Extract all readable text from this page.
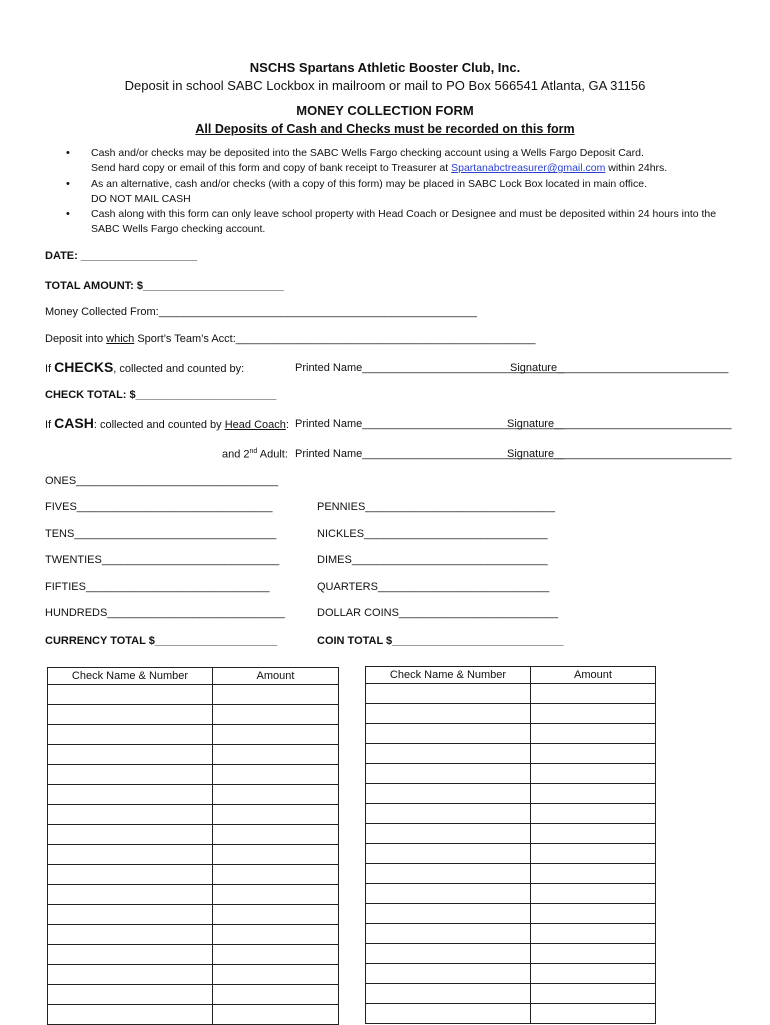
NSCHS Spartans Athletic Booster Club, Inc.
Deposit in school SABC Lockbox in mailroom or mail to PO Box 566541 Atlanta, GA 31156
MONEY COLLECTION FORM
All Deposits of Cash and Checks must be recorded on this form
• Cash and/or checks may be deposited into the SABC Wells Fargo checking account using a Wells Fargo Deposit Card.
Send hard copy or email of this form and copy of bank receipt to Treasurer at Spartanabctreasurer@gmail.com within 24hrs.
• As an alternative, cash and/or checks (with a copy of this form) may be placed in SABC Lock Box located in main office.
DO NOT MAIL CASH
• Cash along with this form can only leave school property with Head Coach or Designee and must be deposited within 24 hours into the
SABC Wells Fargo checking account.
DATE: ___________________
TOTAL AMOUNT: $_______________________
Money Collected From:____________________________________________________
Deposit into which Sport’s Team’s Acct:_________________________________________________
If CHECKS, collected and counted by:	Printed Name_________________________________
Signature____________________________
CHECK TOTAL: $_______________________
If CASH: collected and counted by Head Coach: Printed Name_________________________________
Signature_____________________________
and 2nd Adult: Printed Name_________________________________
Signature_____________________________
ONES_________________________________
FIVES________________________________
TENS_________________________________
TWENTIES_____________________________
FIFTIES______________________________
HUNDREDS_____________________________
CURRENCY TOTAL $____________________
PENNIES_______________________________
NICKLES______________________________
DIMES________________________________
QUARTERS____________________________
DOLLAR COINS__________________________
COIN TOTAL $____________________________
Check Name & Number	Amount

		Check Name & Number	Amount
